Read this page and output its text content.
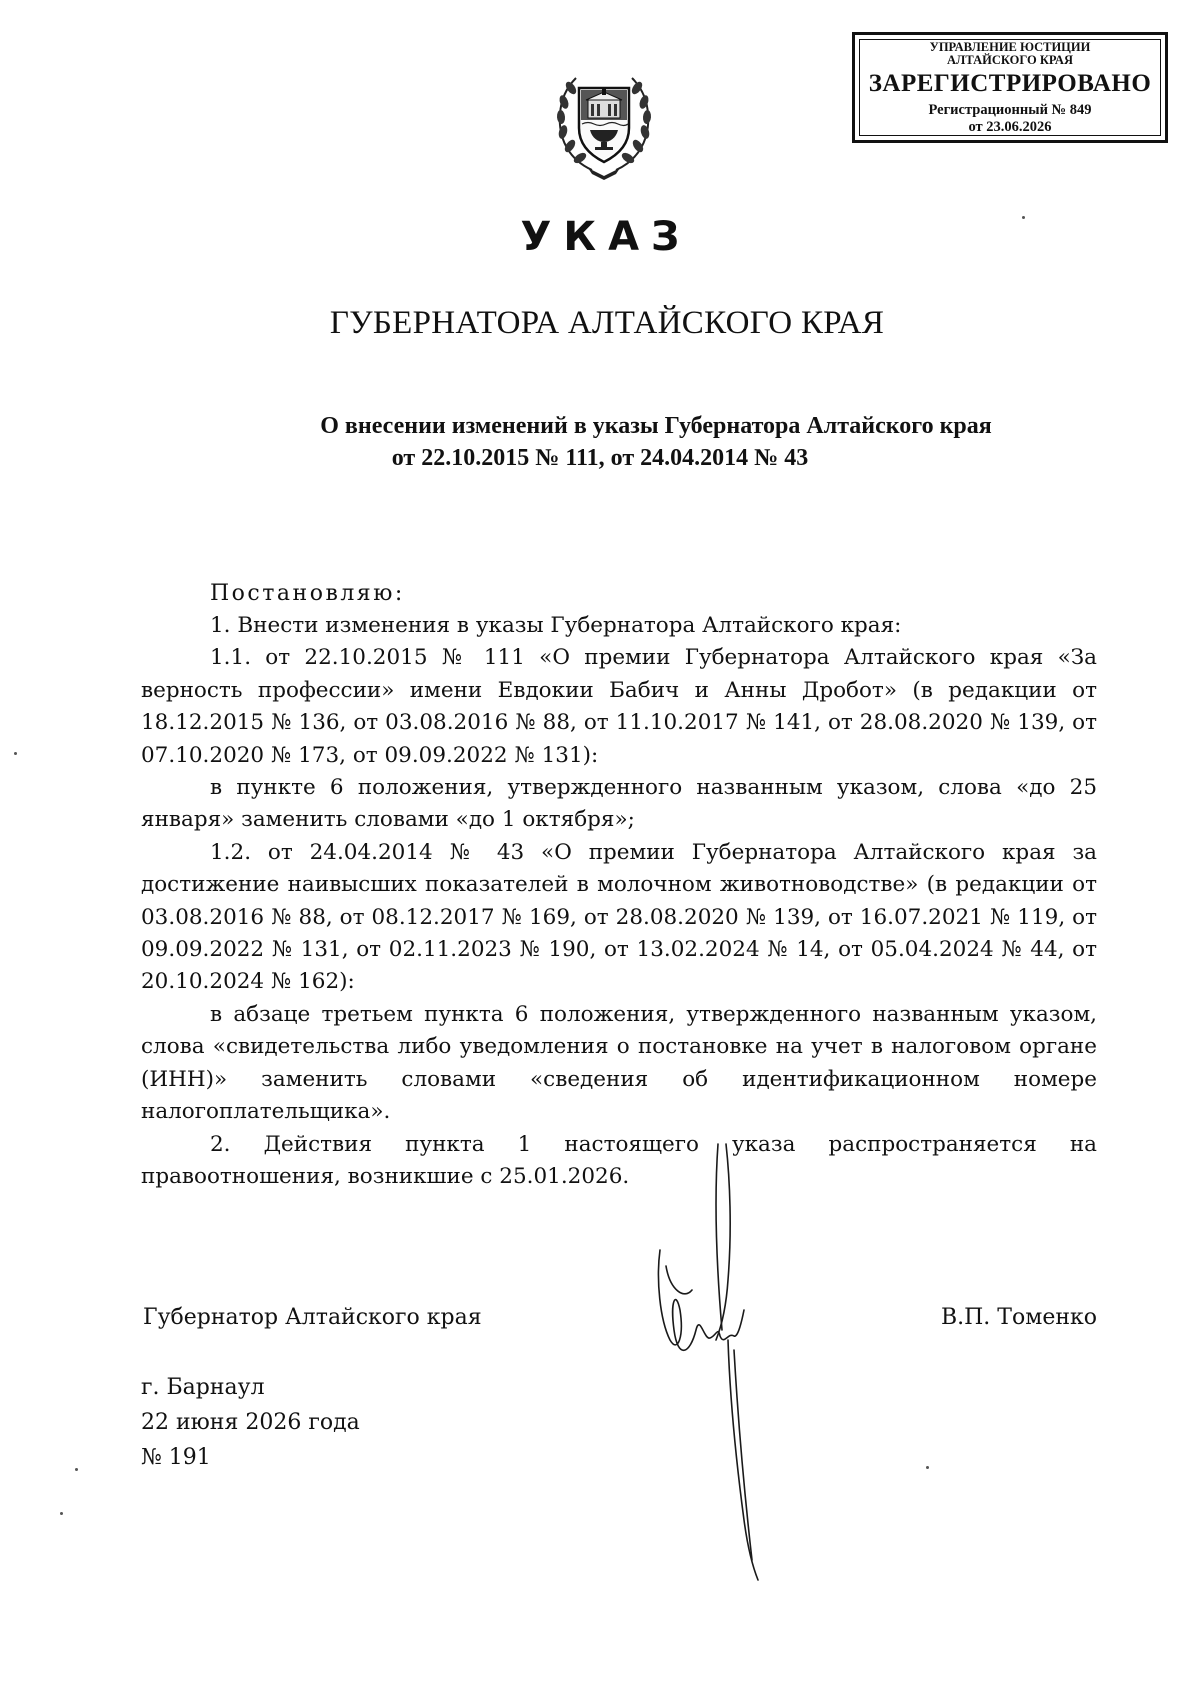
УПРАВЛЕНИЕ ЮСТИЦИИ
АЛТАЙСКОГО КРАЯ
ЗАРЕГИСТРИРОВАНО
Регистрационный № 849
от 23.06.2026
УКАЗ
ГУБЕРНАТОРА АЛТАЙСКОГО КРАЯ
О внесении изменений в указы Губернатора Алтайского края
от 22.10.2015 № 111, от 24.04.2014 № 43
Постановляю:

1. Внести изменения в указы Губернатора Алтайского края:

1.1. от 22.10.2015 № 111 «О премии Губернатора Алтайского края «За верность профессии» имени Евдокии Бабич и Анны Дробот» (в редакции от 18.12.2015 № 136, от 03.08.2016 № 88, от 11.10.2017 № 141, от 28.08.2020 № 139, от 07.10.2020 № 173, от 09.09.2022 № 131):

в пункте 6 положения, утвержденного названным указом, слова «до 25 января» заменить словами «до 1 октября»;

1.2. от 24.04.2014 № 43 «О премии Губернатора Алтайского края за достижение наивысших показателей в молочном животноводстве» (в редакции от 03.08.2016 № 88, от 08.12.2017 № 169, от 28.08.2020 № 139, от 16.07.2021 № 119, от 09.09.2022 № 131, от 02.11.2023 № 190, от 13.02.2024 № 14, от 05.04.2024 № 44, от 20.10.2024 № 162):

в абзаце третьем пункта 6 положения, утвержденного названным указом, слова «свидетельства либо уведомления о постановке на учет в налоговом органе (ИНН)» заменить словами «сведения об идентификационном номере налогоплательщика».

2. Действия пункта 1 настоящего указа распространяется на правоотношения, возникшие с 25.01.2026.

Губернатор Алтайского края	В.П. Томенко
г. Барнаул
22 июня 2026 года
№ 191
